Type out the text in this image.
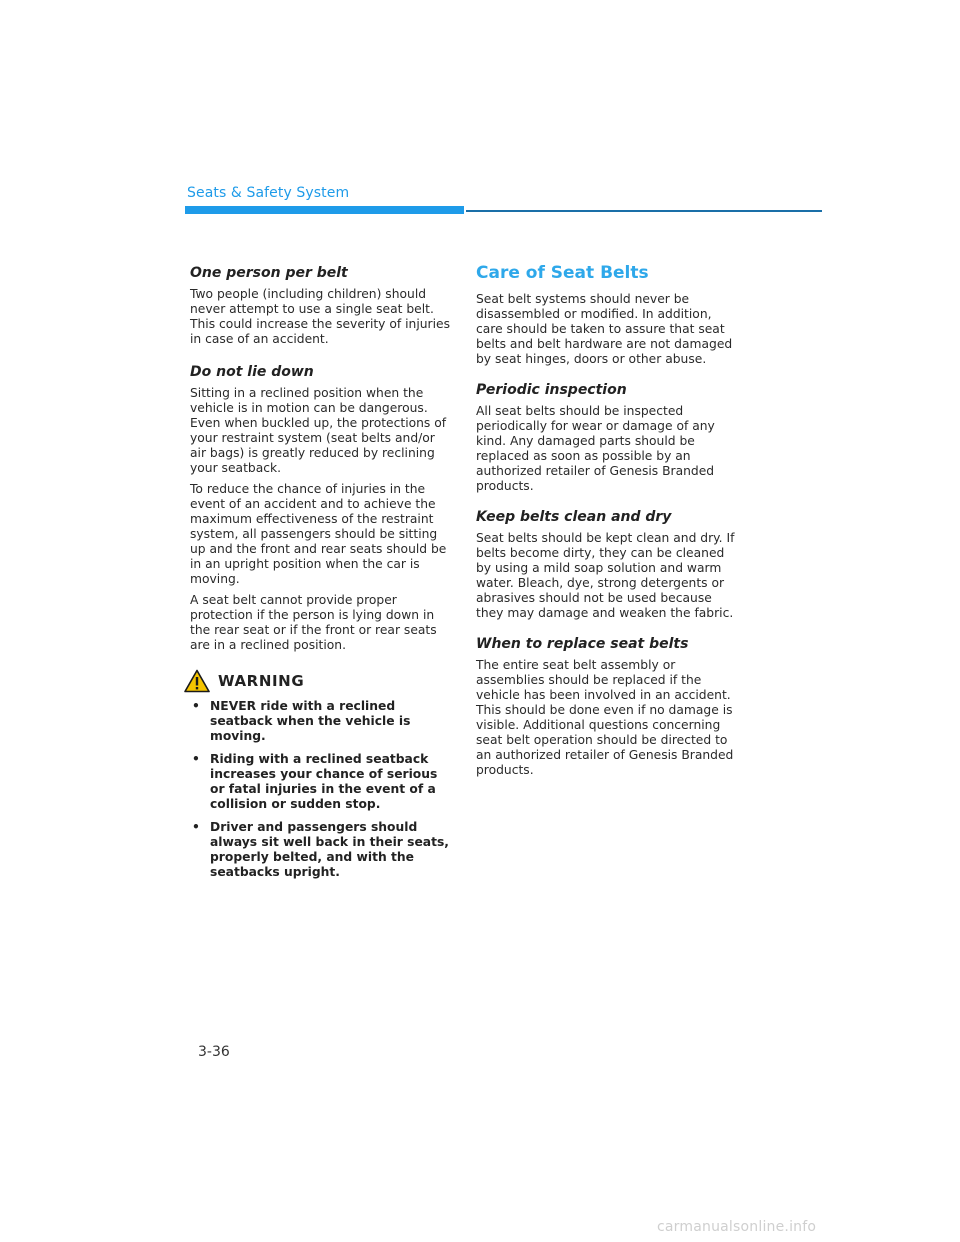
Seats & Safety System
One person per belt

Two people (including children) should never attempt to use a single seat belt. This could increase the severity of injuries in case of an accident.

Do not lie down

Sitting in a reclined position when the vehicle is in motion can be dangerous. Even when buckled up, the protections of your restraint system (seat belts and/or air bags) is greatly reduced by reclining your seatback.

To reduce the chance of injuries in the event of an accident and to achieve the maximum effectiveness of the restraint system, all passengers should be sitting up and the front and rear seats should be in an upright position when the car is moving.

A seat belt cannot provide proper protection if the person is lying down in the rear seat or if the front or rear seats are in a reclined position.

WARNING
• NEVER ride with a reclined seatback when the vehicle is moving.
• Riding with a reclined seatback increases your chance of serious or fatal injuries in the event of a collision or sudden stop.
• Driver and passengers should always sit well back in their seats, properly belted, and with the seatbacks upright.
Care of Seat Belts

Seat belt systems should never be disassembled or modified. In addition, care should be taken to assure that seat belts and belt hardware are not damaged by seat hinges, doors or other abuse.

Periodic inspection

All seat belts should be inspected periodically for wear or damage of any kind. Any damaged parts should be replaced as soon as possible by an authorized retailer of Genesis Branded products.

Keep belts clean and dry

Seat belts should be kept clean and dry. If belts become dirty, they can be cleaned by using a mild soap solution and warm water. Bleach, dye, strong detergents or abrasives should not be used because they may damage and weaken the fabric.

When to replace seat belts

The entire seat belt assembly or assemblies should be replaced if the vehicle has been involved in an accident. This should be done even if no damage is visible. Additional questions concerning seat belt operation should be directed to an authorized retailer of Genesis Branded products.

3-36
carmanualsonline.info
